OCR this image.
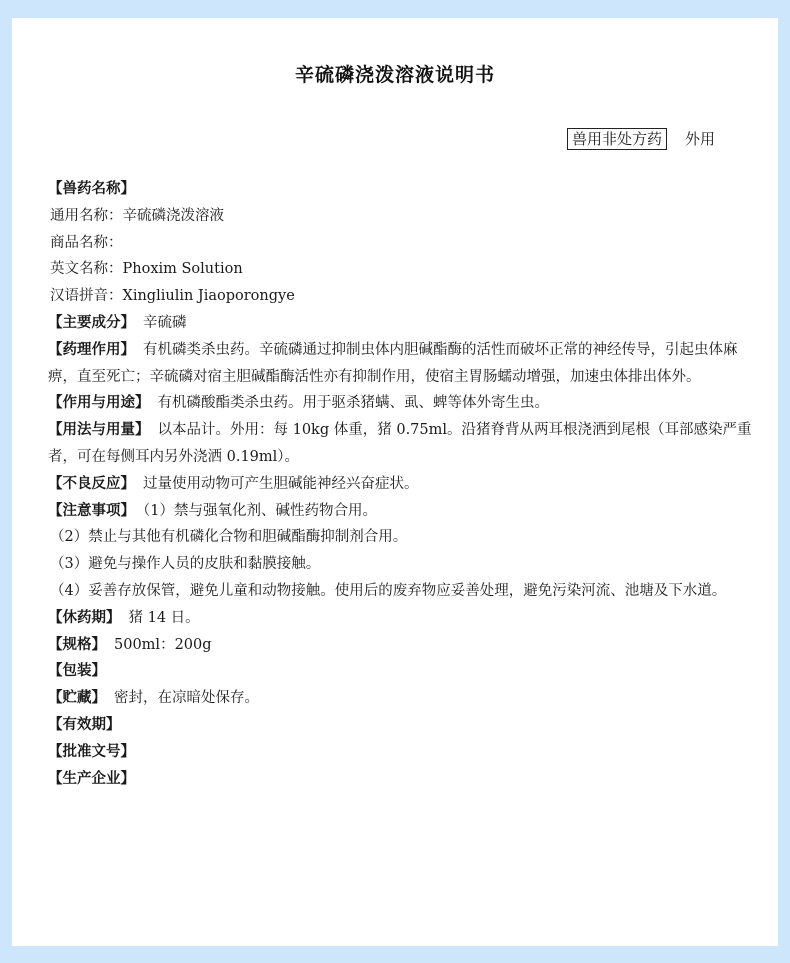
辛硫磷浇泼溶液说明书
兽用非处方药 外用
【兽药名称】
通用名称：辛硫磷浇泼溶液
商品名称：
英文名称：Phoxim Solution
汉语拼音：Xingliulin Jiaoporongye
【主要成分】 辛硫磷
【药理作用】 有机磷类杀虫药。辛硫磷通过抑制虫体内胆碱酯酶的活性而破坏正常的神经传导，引起虫体麻痹，直至死亡；辛硫磷对宿主胆碱酯酶活性亦有抑制作用，使宿主胃肠蠕动增强，加速虫体排出体外。
【作用与用途】 有机磷酸酯类杀虫药。用于驱杀猪螨、虱、蜱等体外寄生虫。
【用法与用量】 以本品计。外用：每 10kg 体重，猪 0.75ml。沿猪脊背从两耳根浇洒到尾根（耳部感染严重者，可在每侧耳内另外浇洒 0.19ml）。
【不良反应】 过量使用动物可产生胆碱能神经兴奋症状。
【注意事项】 （1）禁与强氧化剂、碱性药物合用。
（2）禁止与其他有机磷化合物和胆碱酯酶抑制剂合用。
（3）避免与操作人员的皮肤和黏膜接触。
（4）妥善存放保管，避免儿童和动物接触。使用后的废弃物应妥善处理，避免污染河流、池塘及下水道。
【休药期】 猪 14 日。
【规格】 500ml：200g
【包装】
【贮藏】 密封，在凉暗处保存。
【有效期】
【批准文号】
【生产企业】
